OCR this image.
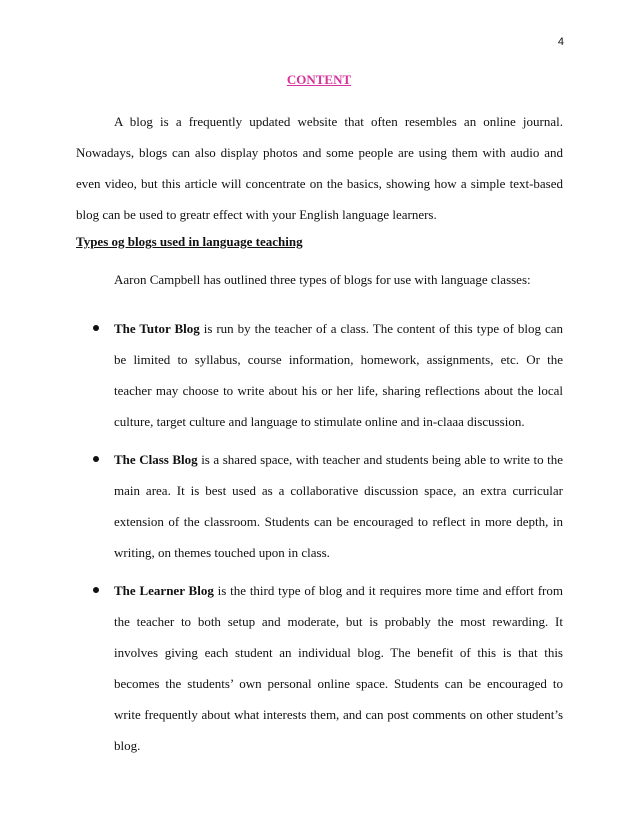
4
CONTENT

A blog is a frequently updated website that often resembles an online journal. Nowadays, blogs can also display photos and some people are using them with audio and even video, but this article will concentrate on the basics, showing how a simple text-based blog can be used to greatr effect with your English language learners.

Types og blogs used in language teaching

Aaron Campbell has outlined three types of blogs for use with language classes:

The Tutor Blog is run by the teacher of a class. The content of this type of blog can be limited to syllabus, course information, homework, assignments, etc. Or the teacher may choose to write about his or her life, sharing reflections about the local culture, target culture and language to stimulate online and in-claaa discussion.
The Class Blog is a shared space, with teacher and students being able to write to the main area. It is best used as a collaborative discussion space, an extra curricular extension of the classroom. Students can be encouraged to reflect in more depth, in writing, on themes touched upon in class.
The Learner Blog is the third type of blog and it requires more time and effort from the teacher to both setup and moderate, but is probably the most rewarding. It involves giving each student an individual blog. The benefit of this is that this becomes the students’ own personal online space. Students can be encouraged to write frequently about what interests them, and can post comments on other student’s blog.
